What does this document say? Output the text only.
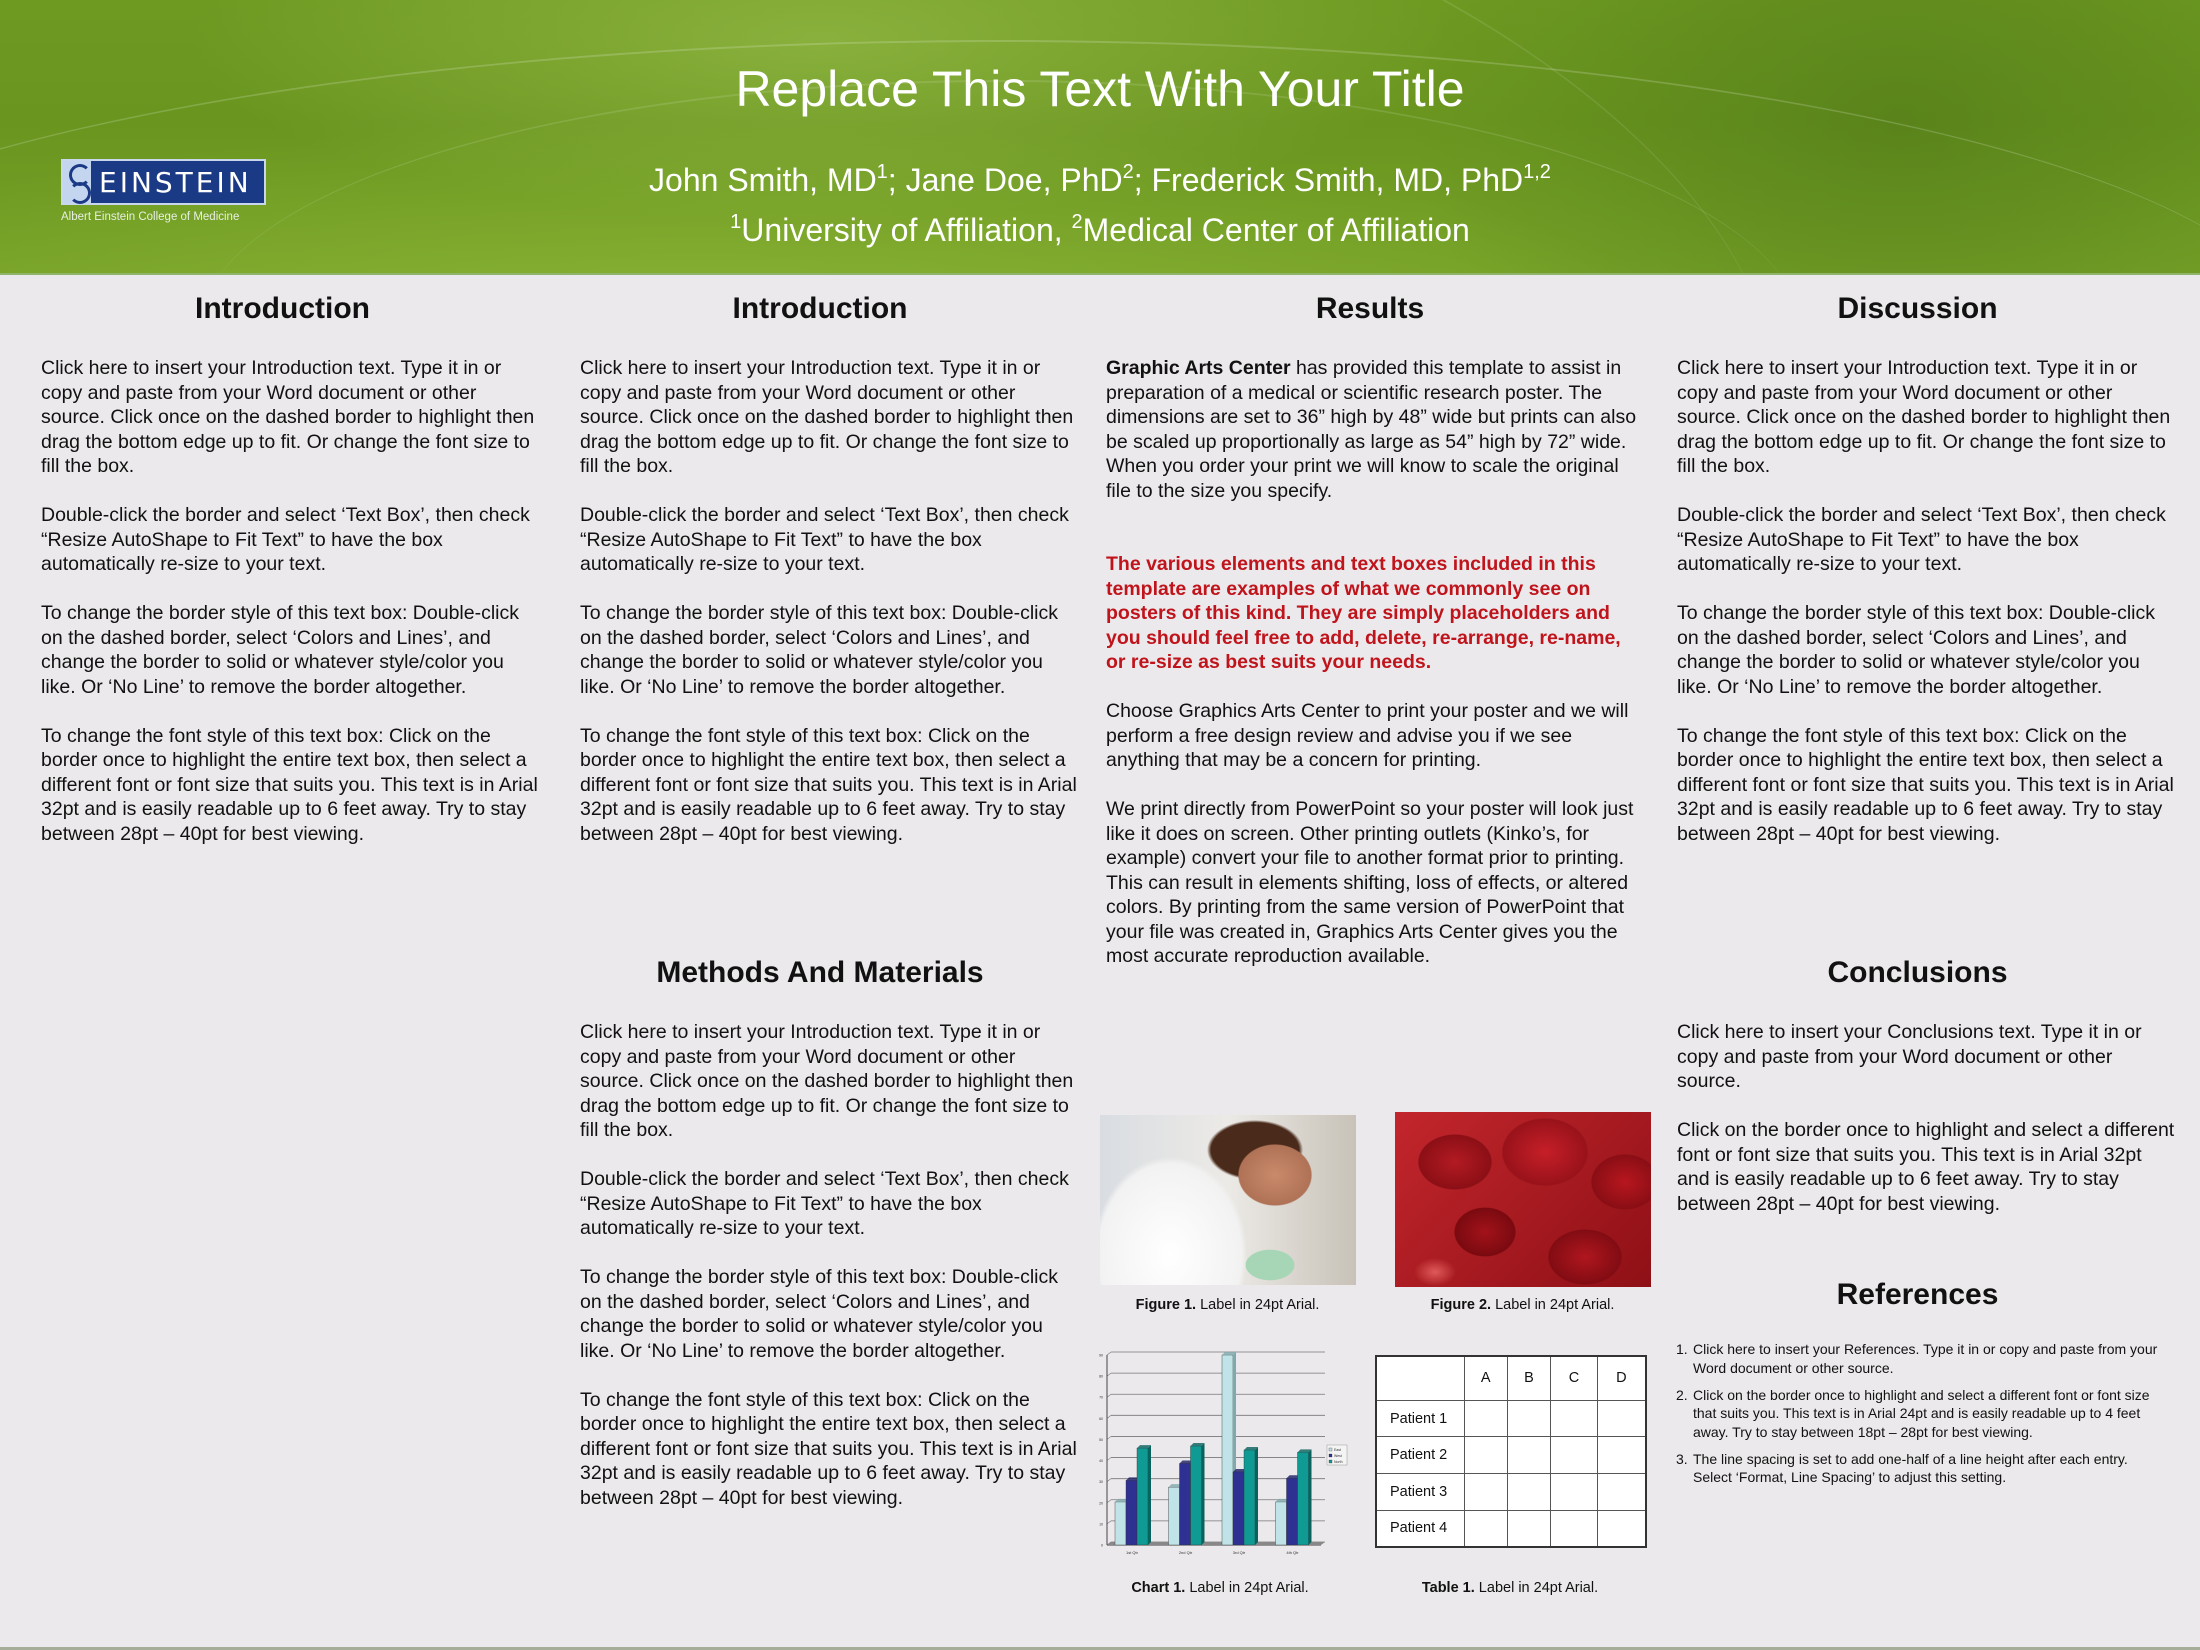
EINSTEIN
Albert Einstein College of Medicine
Replace This Text With Your Title
John Smith, $MD^1$; Jane Doe, PhD$^2$; Frederick Smith, MD, PhD$^{1,2}$
$^1$University of Affiliation, $^2$Medical Center of Affiliation
Introduction

Click here to insert your Introduction text. Type it in or copy and paste from your Word document or other source. Click once on the dashed border to highlight then drag the bottom edge up to fit. Or change the font size to fill the box.

Double-click the border and select ‘Text Box’, then check “Resize AutoShape to Fit Text” to have the box automatically re-size to your text.

To change the border style of this text box: Double-click on the dashed border, select ‘Colors and Lines’, and change the border to solid or whatever style/color you like. Or ‘No Line’ to remove the border altogether.

To change the font style of this text box: Click on the border once to highlight the entire text box, then select a different font or font size that suits you. This text is in Arial 32pt and is easily readable up to 6 feet away. Try to stay between 28pt – 40pt for best viewing.

Introduction

Click here to insert your Introduction text. Type it in or copy and paste from your Word document or other source. Click once on the dashed border to highlight then drag the bottom edge up to fit. Or change the font size to fill the box.

Double-click the border and select ‘Text Box’, then check “Resize AutoShape to Fit Text” to have the box automatically re-size to your text.

To change the border style of this text box: Double-click on the dashed border, select ‘Colors and Lines’, and change the border to solid or whatever style/color you like. Or ‘No Line’ to remove the border altogether.

To change the font style of this text box: Click on the border once to highlight the entire text box, then select a different font or font size that suits you. This text is in Arial 32pt and is easily readable up to 6 feet away. Try to stay between 28pt – 40pt for best viewing.

Methods And Materials

Click here to insert your Introduction text. Type it in or copy and paste from your Word document or other source. Click once on the dashed border to highlight then drag the bottom edge up to fit. Or change the font size to fill the box.

Double-click the border and select ‘Text Box’, then check “Resize AutoShape to Fit Text” to have the box automatically re-size to your text.

To change the border style of this text box: Double-click on the dashed border, select ‘Colors and Lines’, and change the border to solid or whatever style/color you like. Or ‘No Line’ to remove the border altogether.

To change the font style of this text box: Click on the border once to highlight the entire text box, then select a different font or font size that suits you. This text is in Arial 32pt and is easily readable up to 6 feet away. Try to stay between 28pt – 40pt for best viewing.

Results

Graphic Arts Center has provided this template to assist in preparation of a medical or scientific research poster. The dimensions are set to 36” high by 48” wide but prints can also be scaled up proportionally as large as 54” high by 72” wide. When you order your print we will know to scale the original file to the size you specify.

The various elements and text boxes included in this template are examples of what we commonly see on posters of this kind. They are simply placeholders and you should feel free to add, delete, re-arrange, re-name, or re-size as best suits your needs.

Choose Graphics Arts Center to print your poster and we will perform a free design review and advise you if we see anything that may be a concern for printing.

We print directly from PowerPoint so your poster will look just like it does on screen. Other printing outlets (Kinko’s, for example) convert your file to another format prior to printing. This can result in elements shifting, loss of effects, or altered colors. By printing from the same version of PowerPoint that your file was created in, Graphics Arts Center gives you the most accurate reproduction available.

Figure 1. Label in 24pt Arial.	Figure 2. Label in 24pt Arial.
0
10
20
30
40
50
60
70
80
90
1st Qtr	2nd Qtr	3rd Qtr	4th Qtr
East
West
North
Chart 1. Label in 24pt Arial.
	A	B	C	D
Patient 1				
Patient 2				
Patient 3				
Patient 4				
Table 1. Label in 24pt Arial.
Discussion

Click here to insert your Introduction text. Type it in or copy and paste from your Word document or other source. Click once on the dashed border to highlight then drag the bottom edge up to fit. Or change the font size to fill the box.

Double-click the border and select ‘Text Box’, then check “Resize AutoShape to Fit Text” to have the box automatically re-size to your text.

To change the border style of this text box: Double-click on the dashed border, select ‘Colors and Lines’, and change the border to solid or whatever style/color you like. Or ‘No Line’ to remove the border altogether.

To change the font style of this text box: Click on the border once to highlight the entire text box, then select a different font or font size that suits you. This text is in Arial 32pt and is easily readable up to 6 feet away. Try to stay between 28pt – 40pt for best viewing.

Conclusions

Click here to insert your Conclusions text. Type it in or copy and paste from your Word document or other source.

Click on the border once to highlight and select a different font or font size that suits you. This text is in Arial 32pt and is easily readable up to 6 feet away. Try to stay between 28pt – 40pt for best viewing.

References
1. Click here to insert your References. Type it in or copy and paste from your Word document or other source.
2. Click on the border once to highlight and select a different font or font size that suits you. This text is in Arial 24pt and is easily readable up to 4 feet away. Try to stay between 18pt – 28pt for best viewing.
3. The line spacing is set to add one-half of a line height after each entry. Select ‘Format, Line Spacing’ to adjust this setting.
